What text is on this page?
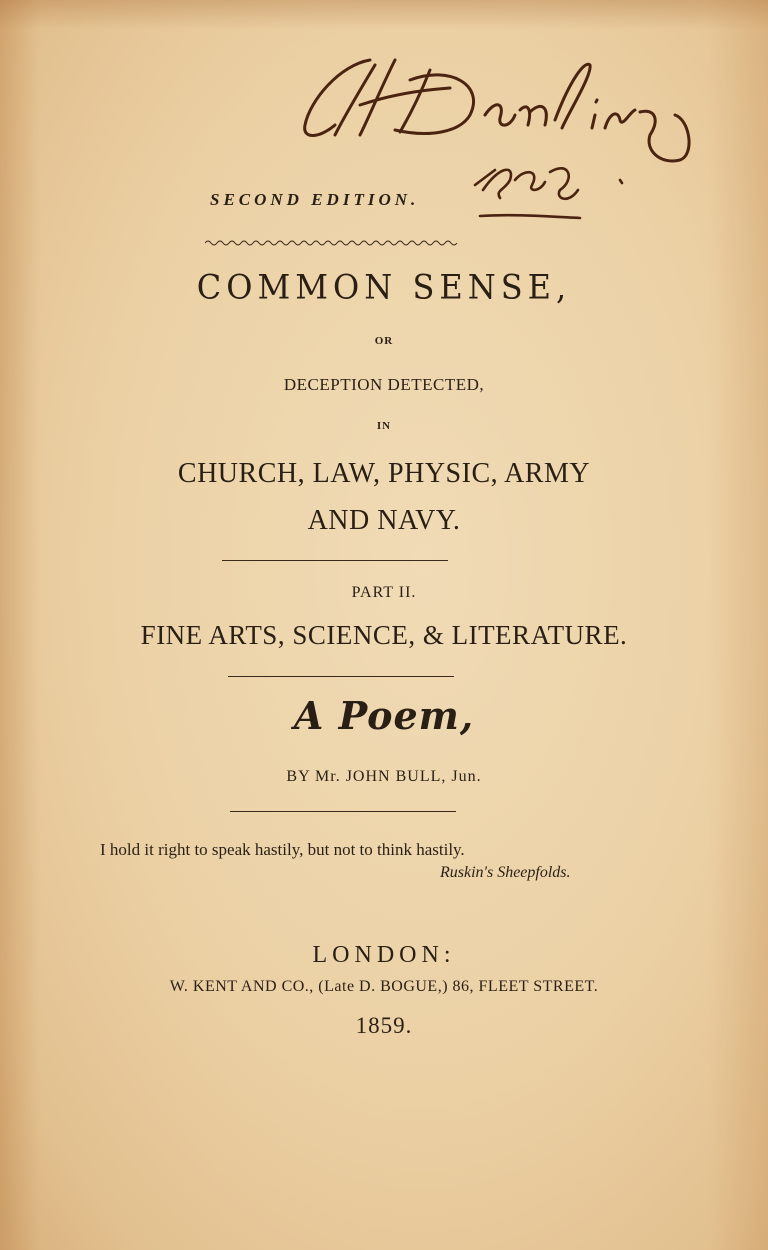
SECOND EDITION.
COMMON SENSE,
OR
DECEPTION DETECTED,
IN
CHURCH, LAW, PHYSIC, ARMY
AND NAVY.
PART II.
FINE ARTS, SCIENCE, & LITERATURE.
A Poem,
BY Mr. JOHN BULL, Jun.
I hold it right to speak hastily, but not to think hastily.
Ruskin's Sheepfolds.
LONDON:
W. KENT AND CO., (Late D. BOGUE,) 86, FLEET STREET.
1859.
